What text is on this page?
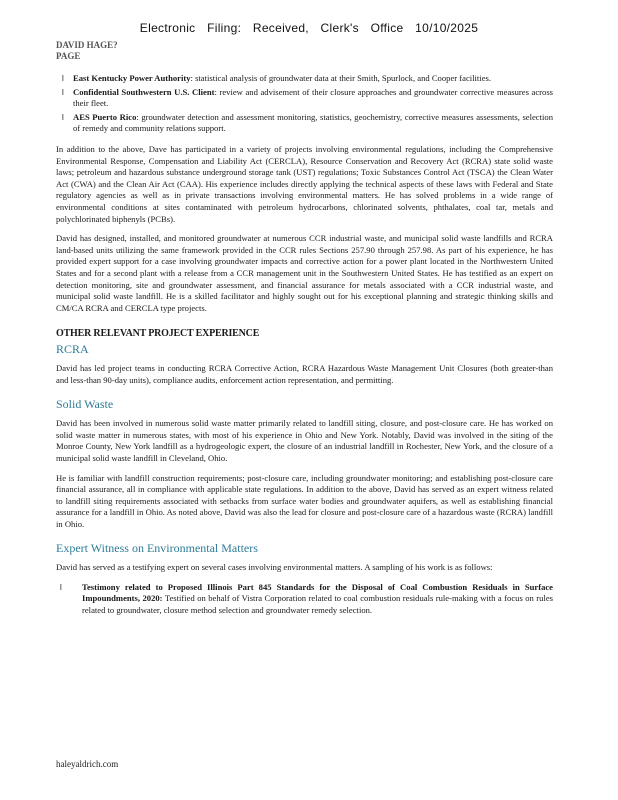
Electronic Filing: Received, Clerk's Office 10/10/2025
DAVID HAGE?
PAGE
l East Kentucky Power Authority: statistical analysis of groundwater data at their Smith, Spurlock, and Cooper facilities.
l Confidential Southwestern U.S. Client: review and advisement of their closure approaches and groundwater corrective measures across their fleet.
l AES Puerto Rico: groundwater detection and assessment monitoring, statistics, geochemistry, corrective measures assessments, selection of remedy and community relations support.

In addition to the above, Dave has participated in a variety of projects involving environmental regulations, including the Comprehensive Environmental Response, Compensation and Liability Act (CERCLA), Resource Conservation and Recovery Act (RCRA) state solid waste laws; petroleum and hazardous substance underground storage tank (UST) regulations; Toxic Substances Control Act (TSCA) the Clean Water Act (CWA) and the Clean Air Act (CAA). His experience includes directly applying the technical aspects of these laws with Federal and State regulatory agencies as well as in private transactions involving environmental matters. He has solved problems in a wide range of environmental conditions at sites contaminated with petroleum hydrocarbons, chlorinated solvents, phthalates, coal tar, metals and polychlorinated biphenyls (PCBs).

David has designed, installed, and monitored groundwater at numerous CCR industrial waste, and municipal solid waste landfills and RCRA land-based units utilizing the same framework provided in the CCR rules Sections 257.90 through 257.98. As part of his experience, he has provided expert support for a case involving groundwater impacts and corrective action for a power plant located in the Northwestern United States and for a second plant with a release from a CCR management unit in the Southwestern United States. He has testified as an expert on detection monitoring, site and groundwater assessment, and financial assurance for metals associated with a CCR industrial waste, and municipal solid waste landfill. He is a skilled facilitator and highly sought out for his exceptional planning and strategic thinking skills and CM/CA RCRA and CERCLA type projects.

OTHER RELEVANT PROJECT EXPERIENCE
RCRA

David has led project teams in conducting RCRA Corrective Action, RCRA Hazardous Waste Management Unit Closures (both greater-than and less-than 90-day units), compliance audits, enforcement action representation, and permitting.

Solid Waste

David has been involved in numerous solid waste matter primarily related to landfill siting, closure, and post-closure care. He has worked on solid waste matter in numerous states, with most of his experience in Ohio and New York. Notably, David was involved in the siting of the Monroe County, New York landfill as a hydrogeologic expert, the closure of an industrial landfill in Rochester, New York, and the closure of a municipal solid waste landfill in Cleveland, Ohio.

He is familiar with landfill construction requirements; post-closure care, including groundwater monitoring; and establishing post-closure care financial assurance, all in compliance with applicable state regulations. In addition to the above, David has served as an expert witness related to landfill siting requirements associated with setbacks from surface water bodies and groundwater aquifers, as well as establishing financial assurance for a landfill in Ohio. As noted above, David was also the lead for closure and post-closure care of a hazardous waste (RCRA) landfill in Ohio.

Expert Witness on Environmental Matters

David has served as a testifying expert on several cases involving environmental matters. A sampling of his work is as follows:

l Testimony related to Proposed Illinois Part 845 Standards for the Disposal of Coal Combustion Residuals in Surface Impoundments, 2020: Testified on behalf of Vistra Corporation related to coal combustion residuals rule-making with a focus on rules related to groundwater, closure method selection and groundwater remedy selection.
haleyaldrich.com
